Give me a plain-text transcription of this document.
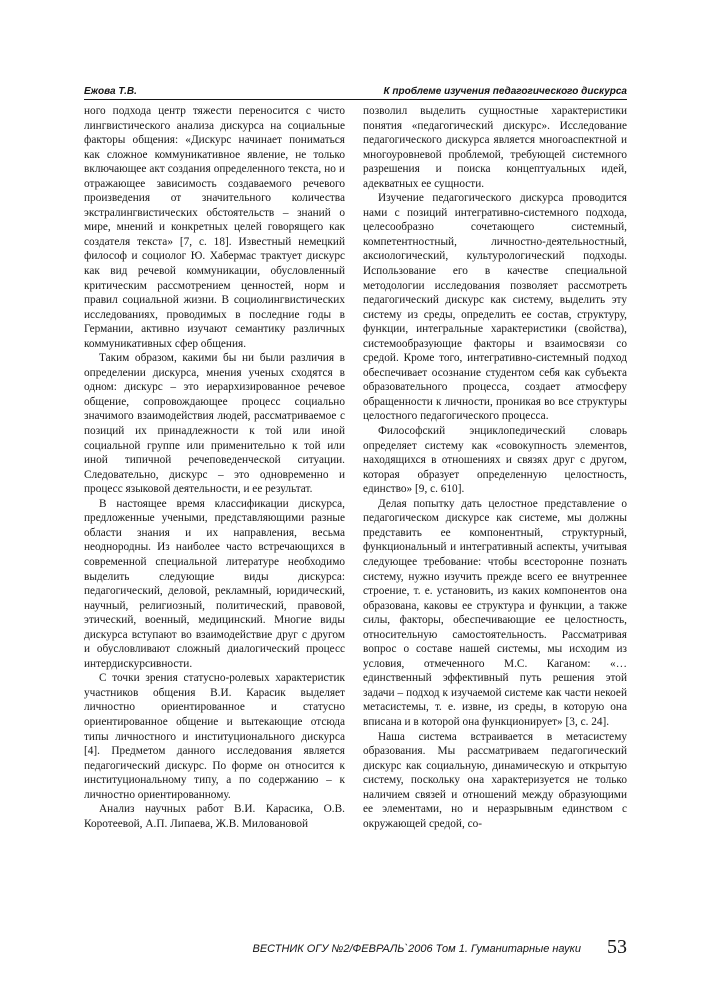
Ежова Т.В.	К проблеме изучения педагогического дискурса

ного подхода центр тяжести переносится с чисто лингвистического анализа дискурса на социальные факторы общения: «Дискурс начинает пониматься как сложное коммуникативное явление, не только включающее акт создания определенного текста, но и отражающее зависимость создаваемого речевого произведения от значительного количества экстралингвистических обстоятельств – знаний о мире, мнений и конкретных целей говорящего как создателя текста» [7, с. 18]. Известный немецкий философ и социолог Ю. Хабермас трактует дискурс как вид речевой коммуникации, обусловленный критическим рассмотрением ценностей, норм и правил социальной жизни. В социолингвистических исследованиях, проводимых в последние годы в Германии, активно изучают семантику различных коммуникативных сфер общения.

Таким образом, какими бы ни были различия в определении дискурса, мнения ученых сходятся в одном: дискурс – это иерархизированное речевое общение, сопровождающее процесс социально значимого взаимодействия людей, рассматриваемое с позиций их принадлежности к той или иной социальной группе или применительно к той или иной типичной речеповеденческой ситуации. Следовательно, дискурс – это одновременно и процесс языковой деятельности, и ее результат.

В настоящее время классификации дискурса, предложенные учеными, представляющими разные области знания и их направления, весьма неоднородны. Из наиболее часто встречающихся в современной специальной литературе необходимо выделить следующие виды дискурса: педагогический, деловой, рекламный, юридический, научный, религиозный, политический, правовой, этический, военный, медицинский. Многие виды дискурса вступают во взаимодействие друг с другом и обусловливают сложный диалогический процесс интердискурсивности.

С точки зрения статусно-ролевых характеристик участников общения В.И. Карасик выделяет личностно ориентированное и статусно ориентированное общение и вытекающие отсюда типы личностного и институционального дискурса [4]. Предметом данного исследования является педагогический дискурс. По форме он относится к институциональному типу, а по содержанию – к личностно ориентированному.

Анализ научных работ В.И. Карасика, О.В. Коротеевой, А.П. Липаева, Ж.В. Миловановой

позволил выделить сущностные характеристики понятия «педагогический дискурс». Исследование педагогического дискурса является многоаспектной и многоуровневой проблемой, требующей системного разрешения и поиска концептуальных идей, адекватных ее сущности.

Изучение педагогического дискурса проводится нами с позиций интегративно-системного подхода, целесообразно сочетающего системный, компетентностный, личностно-деятельностный, аксиологический, культурологический подходы. Использование его в качестве специальной методологии исследования позволяет рассмотреть педагогический дискурс как систему, выделить эту систему из среды, определить ее состав, структуру, функции, интегральные характеристики (свойства), системообразующие факторы и взаимосвязи со средой. Кроме того, интегративно-системный подход обеспечивает осознание студентом себя как субъекта образовательного процесса, создает атмосферу обращенности к личности, проникая во все структуры целостного педагогического процесса.

Философский энциклопедический словарь определяет систему как «совокупность элементов, находящихся в отношениях и связях друг с другом, которая образует определенную целостность, единство» [9, с. 610].

Делая попытку дать целостное представление о педагогическом дискурсе как системе, мы должны представить ее компонентный, структурный, функциональный и интегративный аспекты, учитывая следующее требование: чтобы всесторонне познать систему, нужно изучить прежде всего ее внутреннее строение, т. е. установить, из каких компонентов она образована, каковы ее структура и функции, а также силы, факторы, обеспечивающие ее целостность, относительную самостоятельность. Рассматривая вопрос о составе нашей системы, мы исходим из условия, отмеченного М.С. Каганом: «…единственный эффективный путь решения этой задачи – подход к изучаемой системе как части некоей метасистемы, т. е. извне, из среды, в которую она вписана и в которой она функционирует» [3, с. 24].

Наша система встраивается в метасистему образования. Мы рассматриваем педагогический дискурс как социальную, динамическую и открытую систему, поскольку она характеризуется не только наличием связей и отношений между образующими ее элементами, но и неразрывным единством с окружающей средой, со-

ВЕСТНИК ОГУ №2/ФЕВРАЛЬ`2006 Том 1. Гуманитарные науки 53
